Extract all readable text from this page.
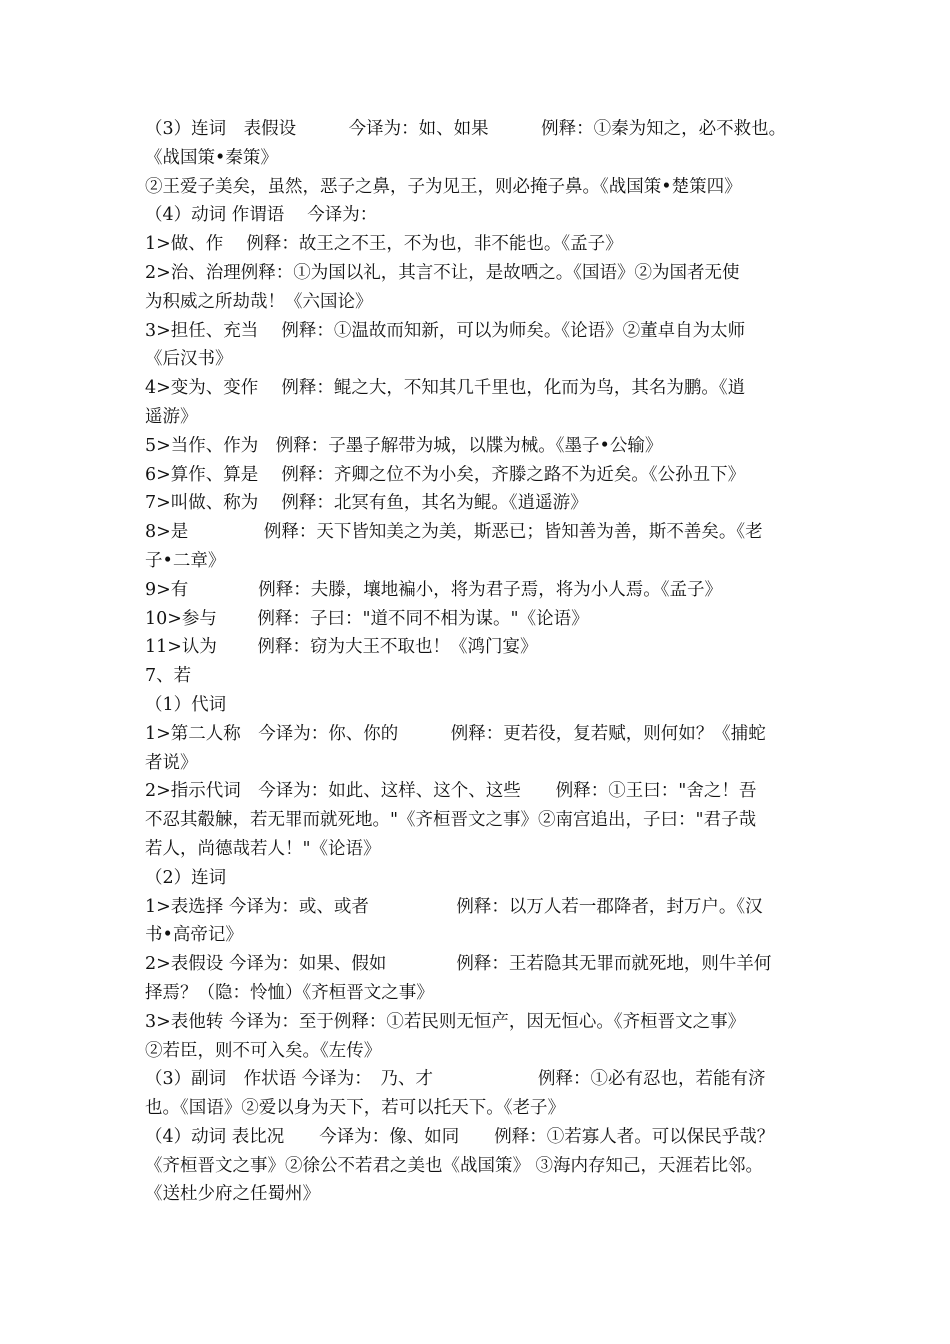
（3）连词　表假设　　　今译为：如、如果　　　例释：①秦为知之，必不救也。
《战国策•秦策》
②王爱子美矣，虽然，恶子之鼻，子为见王，则必掩子鼻。《战国策•楚策四》
（4）动词 作谓语　 今译为：
1>做、作　 例释：故王之不王，不为也，非不能也。《孟子》
2>治、治理例释：①为国以礼，其言不让，是故哂之。《国语》②为国者无使
为积威之所劫哉！《六国论》
3>担任、充当　 例释：①温故而知新，可以为师矣。《论语》②董卓自为太师
《后汉书》
4>变为、变作　 例释：鲲之大，不知其几千里也，化而为鸟，其名为鹏。《逍
遥游》
5>当作、作为　例释：子墨子解带为城，以牒为械。《墨子•公输》
6>算作、算是　 例释：齐卿之位不为小矣，齐滕之路不为近矣。《公孙丑下》
7>叫做、称为　 例释：北冥有鱼，其名为鲲。《逍遥游》
8>是　　　　 例释：天下皆知美之为美，斯恶已；皆知善为善，斯不善矣。《老
子•二章》
9>有　　　　例释：夫滕，壤地褊小，将为君子焉，将为小人焉。《孟子》
10>参与　　 例释：子曰："道不同不相为谋。"《论语》
11>认为　　 例释：窃为大王不取也！《鸿门宴》
7、若
（1）代词
1>第二人称　今译为：你、你的　　　例释：更若役，复若赋，则何如？《捕蛇
者说》
2>指示代词　今译为：如此、这样、这个、这些　　例释：①王曰："舍之！吾
不忍其觳觫，若无罪而就死地。"《齐桓晋文之事》②南宫追出，子曰："君子哉
若人，尚德哉若人！"《论语》
（2）连词
1>表选择 今译为：或、或者　　　　　例释：以万人若一郡降者，封万户。《汉
书•高帝记》
2>表假设 今译为：如果、假如　　　　例释：王若隐其无罪而就死地，则牛羊何
择焉？（隐：怜恤）《齐桓晋文之事》
3>表他转 今译为：至于例释：①若民则无恒产，因无恒心。《齐桓晋文之事》
②若臣，则不可入矣。《左传》
（3）副词　作状语 今译为：　乃、才　　　　　　例释：①必有忍也，若能有济
也。《国语》②爱以身为天下，若可以托天下。《老子》
（4）动词 表比况　　今译为：像、如同　　例释：①若寡人者。可以保民乎哉？
《齐桓晋文之事》②徐公不若君之美也《战国策》 ③海内存知己，天涯若比邻。
《送杜少府之任蜀州》
